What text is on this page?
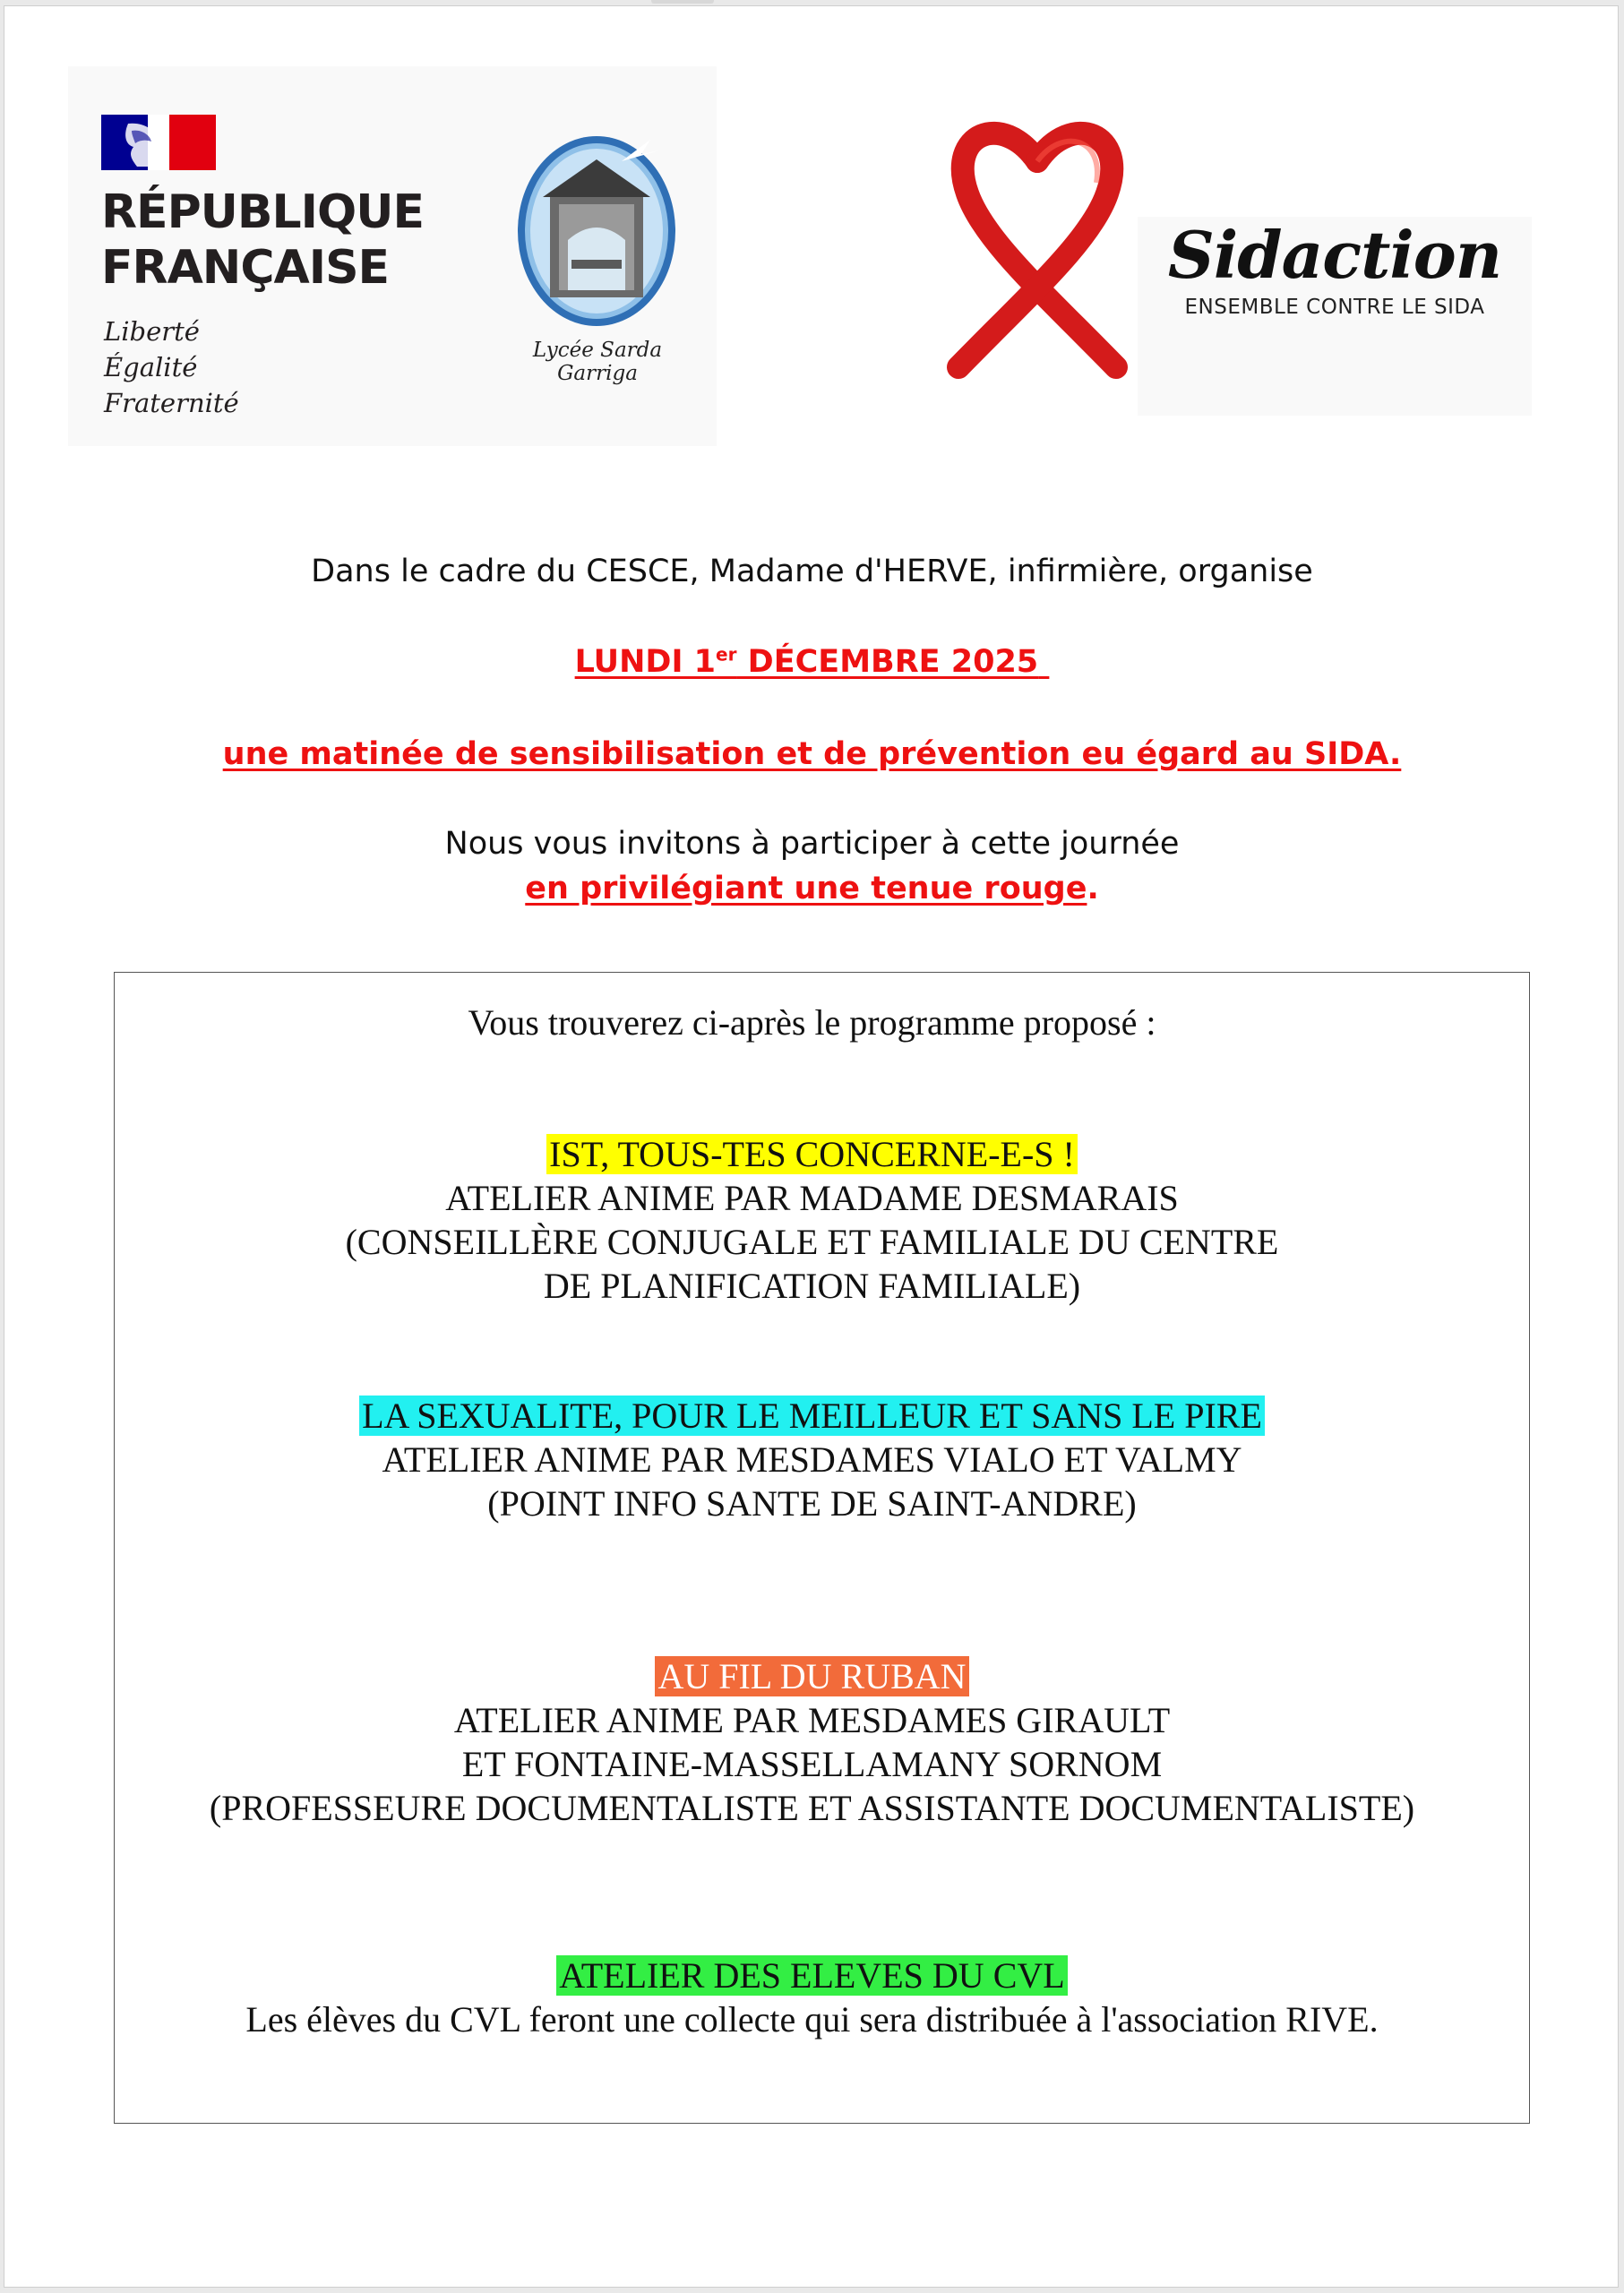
RÉPUBLIQUE
FRANÇAISE
Liberté
Égalité
Fraternité
Lycée Sarda Garriga
Sidaction
ENSEMBLE CONTRE LE SIDA
Dans le cadre du CESCE, Madame d'HERVE, infirmière, organise
LUNDI 1er DÉCEMBRE 2025
une matinée de sensibilisation et de prévention eu égard au SIDA.
Nous vous invitons à participer à cette journée
en privilégiant une tenue rouge.
Vous trouverez ci-après le programme proposé :
IST, TOUS-TES CONCERNE-E-S !
ATELIER ANIME PAR MADAME DESMARAIS
(CONSEILLÈRE CONJUGALE ET FAMILIALE DU CENTRE
DE PLANIFICATION FAMILIALE)
LA SEXUALITE, POUR LE MEILLEUR ET SANS LE PIRE
ATELIER ANIME PAR MESDAMES VIALO ET VALMY
(POINT INFO SANTE DE SAINT-ANDRE)
AU FIL DU RUBAN
ATELIER ANIME PAR MESDAMES GIRAULT
ET FONTAINE-MASSELLAMANY SORNOM
(PROFESSEURE DOCUMENTALISTE ET ASSISTANTE DOCUMENTALISTE)
ATELIER DES ELEVES DU CVL
Les élèves du CVL feront une collecte qui sera distribuée à l'association RIVE.
